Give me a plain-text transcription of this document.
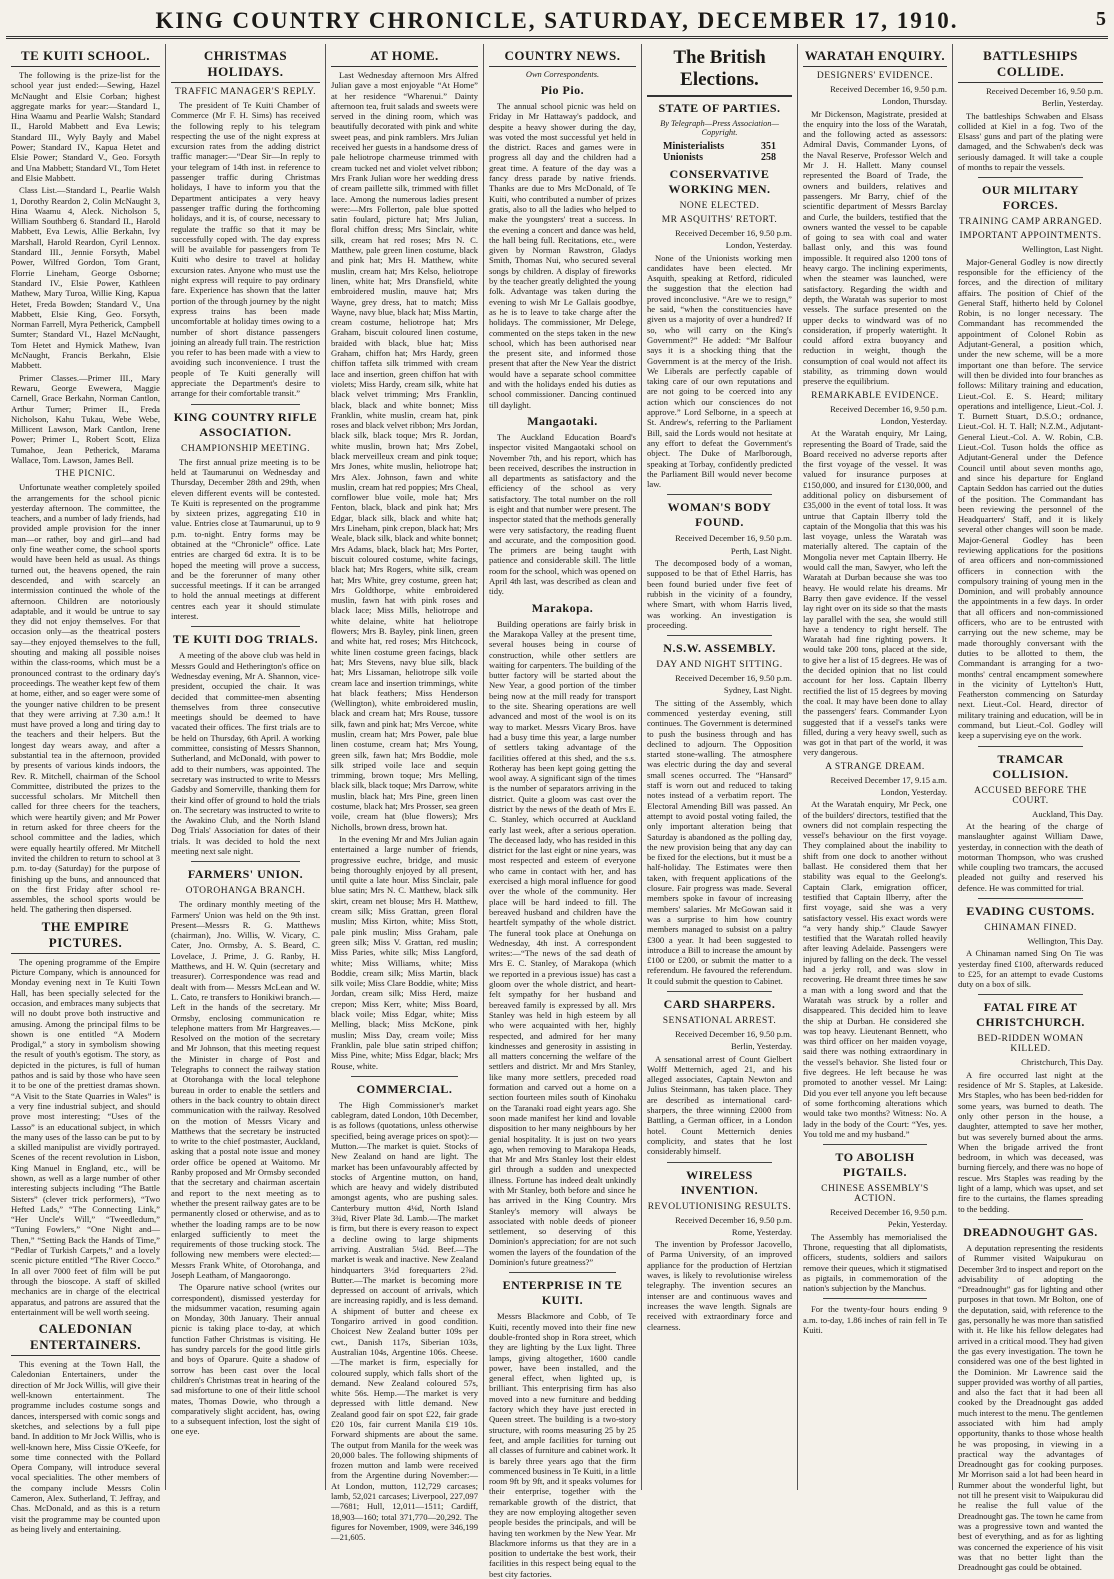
KING COUNTRY CHRONICLE, SATURDAY, DECEMBER 17, 1910.	5
TE KUITI SCHOOL.

The following is the prize-list for the school year just ended:—Sewing, Hazel McNaught and Elsie Corban; highest aggregate marks for year:—Standard I., Hina Waamu and Pearlie Walsh; Standard II., Harold Mabbett and Eva Lewis; Standard III., Wyly Bayly and Mabel Power; Standard IV., Kapua Hetet and Elsie Power; Standard V., Geo. Forsyth and Una Mabbett; Standard VI., Tom Hetet and Elsie Mabbett.

Class List.—Standard I., Pearlie Walsh 1, Dorothy Reardon 2, Colin McNaught 3, Hina Waamu 4, Aleck. Nicholson 5, William Southberg 6. Standard II., Harold Mabbett, Eva Lewis, Allie Berkahn, Ivy Marshall, Harold Reardon, Cyril Lennox. Standard III., Jennie Forsyth, Mabel Power, Wilfred Gordon, Tom Grant, Florrie Lineham, George Osborne; Standard IV., Elsie Power, Kathleen Mathew, Mary Turoa, Willie King, Kapua Hetet, Freda Bowden; Standard V., Una Mabbett, Elsie King, Geo. Forsyth, Norman Farrell, Myra Petherick, Campbell Sumter; Standard VI., Hazel McNaught, Tom Hetet and Hymick Mathew, Ivan McNaught, Francis Berkahn, Elsie Mabbett.

Primer Classes.—Primer III., Mary Rewaru, George Ewewera, Maggie Carnell, Grace Berkahn, Norman Cantlon, Arthur Turner; Primer II., Freda Nicholson, Kahu Tukau, Webe Webe, Millicent Lawson, Mark Cantlon, Irene Power; Primer I., Robert Scott, Eliza Tumahoe, Jean Petherick, Marama Wallace, Tom. Lawson, James Bell.

THE PICNIC.

Unfortunate weather completely spoiled the arrangements for the school picnic yesterday afternoon. The committee, the teachers, and a number of lady friends, had provided ample provision for the inner man—or rather, boy and girl—and had only fine weather come, the school sports would have been held as usual. As things turned out, the heavens opened, the rain descended, and with scarcely an intermission continued the whole of the afternoon. Children are notoriously adaptable, and it would be untrue to say they did not enjoy themselves. For that occasion only—as the theatrical posters say—they enjoyed themselves to the full, shouting and making all possible noises within the class-rooms, which must be a pronounced contrast to the ordinary day's proceedings. The weather kept few of them at home, either, and so eager were some of the younger native children to be present that they were arriving at 7.30 a.m.! It must have proved a long and tiring day to the teachers and their helpers. But the longest day wears away, and after a substantial tea in the afternoon, provided by presents of various kinds indoors, the Rev. R. Mitchell, chairman of the School Committee, distributed the prizes to the successful scholars. Mr Mitchell then called for three cheers for the teachers, which were heartily given; and Mr Power in return asked for three cheers for the school committee and the ladies, which were equally heartily offered. Mr Mitchell invited the children to return to school at 3 p.m. to-day (Saturday) for the purpose of finishing up the buns, and announced that on the first Friday after school re-assembles, the school sports would be held. The gathering then dispersed.

THE EMPIRE PICTURES.

The opening programme of the Empire Picture Company, which is announced for Monday evening next in Te Kuiti Town Hall, has been specially selected for the occasion, and embraces many subjects that will no doubt prove both instructive and amusing. Among the principal films to be shown is one entitled “A Modern Prodigal,” a story in symbolism showing the result of youth's egotism. The story, as depicted in the pictures, is full of human pathos and is said by those who have seen it to be one of the prettiest dramas shown. “A Visit to the State Quarries in Wales” is a very fine industrial subject, and should prove most interesting; “Uses of the Lasso” is an educational subject, in which the many uses of the lasso can be put to by a skilled manipulist are vividly portrayed. Scenes of the recent revolution in Lisbon, King Manuel in England, etc., will be shown, as well as a large number of other interesting subjects including “The Battle Sisters” (clever trick performers), “Two Hefted Lads,” “The Connecting Link,” “Her Uncle's Will,” “Tweedledum,” “Tuning Fowlers,” “One Night and—Then,” “Setting Back the Hands of Time,” “Pedlar of Turkish Carpets,” and a lovely scenic picture entitled “The River Cocco.” In all over 7000 feet of film will be put through the bioscope. A staff of skilled mechanics are in charge of the electrical apparatus, and patrons are assured that the entertainment will be well worth seeing.

CALEDONIAN ENTERTAINERS.

This evening at the Town Hall, the Caledonian Entertainers, under the direction of Mr Jock Willis, will give their well-known entertainment. The programme includes costume songs and dances, interspersed with comic songs and sketches, and selections by a full pipe band. In addition to Mr Jock Willis, who is well-known here, Miss Cissie O'Keefe, for some time connected with the Pollard Opera Company, will introduce several vocal specialities. The other members of the company include Messrs Colin Cameron, Alex. Sutherland, T. Jeffray, and Chas. McDonald, and as this is a return visit the programme may be counted upon as being lively and entertaining.

CHRISTMAS HOLIDAYS.
TRAFFIC MANAGER'S REPLY.

The president of Te Kuiti Chamber of Commerce (Mr F. H. Sims) has received the following reply to his telegram respecting the use of the night express at excursion rates from the adding district traffic manager:—“Dear Sir—In reply to your telegram of 14th inst. in reference to passenger traffic during Christmas holidays, I have to inform you that the Department anticipates a very heavy passenger traffic during the forthcoming holidays, and it is, of course, necessary to regulate the traffic so that it may be successfully coped with. The day express will be available for passengers from Te Kuiti who desire to travel at holiday excursion rates. Anyone who must use the night express will require to pay ordinary fare. Experience has shown that the latter portion of the through journey by the night express trains has been made uncomfortable at holiday times owing to a number of short distance passengers joining an already full train. The restriction you refer to has been made with a view to avoiding such inconvenience. I trust the people of Te Kuiti generally will appreciate the Department's desire to arrange for their comfortable transit.”

KING COUNTRY RIFLE ASSOCIATION.
CHAMPIONSHIP MEETING.

The first annual prize meeting is to be held at Taumarunui on Wednesday and Thursday, December 28th and 29th, when eleven different events will be contested. Te Kuiti is represented on the programme by sixteen prizes, aggregating £10 in value. Entries close at Taumarunui, up to 9 p.m. to-night. Entry forms may be obtained at the “Chronicle” office. Late entries are charged 6d extra. It is to be hoped the meeting will prove a success, and be the forerunner of many other successful meetings. If it can be arranged to hold the annual meetings at different centres each year it should stimulate interest.

TE KUITI DOG TRIALS.

A meeting of the above club was held in Messrs Gould and Hetherington's office on Wednesday evening, Mr A. Shannon, vice-president, occupied the chair. It was decided that committee-men absenting themselves from three consecutive meetings should be deemed to have vacated their offices. The first trials are to be held on Thursday, 6th April. A working committee, consisting of Messrs Shannon, Sutherland, and McDonald, with power to add to their numbers, was appointed. The secretary was instructed to write to Messrs Gadsby and Somerville, thanking them for their kind offer of ground to hold the trials on. The secretary was instructed to write to the Awakino Club, and the North Island Dog Trials' Association for dates of their trials. It was decided to hold the next meeting next sale night.

FARMERS' UNION.
OTOROHANGA BRANCH.

The ordinary monthly meeting of the Farmers' Union was held on the 9th inst. Present—Messrs R. G. Matthews (chairman), Jno. Willis, W. Vicary, C. Cater, Jno. Ormsby, A. S. Beard, C. Lovelace, J. Prime, J. G. Ranby, H. Matthews, and H. W. Quin (secretary and treasurer). Correspondence was read and dealt with from— Messrs McLean and W. L. Cato, re transfers to Honikiwi branch.—Left in the hands of the secretary. Mr Ormsby, enclosing communication re telephone matters from Mr Hargreaves.—Resolved on the motion of the secretary and Mr Johnson, that this meeting request the Minister in charge of Post and Telegraphs to connect the railway station at Otorohanga with the local telephone bureau in order to enable the settlers and others in the back country to obtain direct communication with the railway. Resolved on the motion of Messrs Vicary and Matthews that the secretary be instructed to write to the chief postmaster, Auckland, asking that a postal note issue and money order office be opened at Waitomo. Mr Ranby proposed and Mr Ormsby seconded that the secretary and chairman ascertain and report to the next meeting as to whether the present railway gates are to be permanently closed or otherwise, and as to whether the loading ramps are to be now enlarged sufficiently to meet the requirements of those trucking stock. The following new members were elected:—Messrs Frank White, of Otorohanga, and Joseph Leatham, of Mangaorongo.

The Oparure native school (writes our correspondent), dismissed yesterday for the midsummer vacation, resuming again on Monday, 30th January. Their annual picnic is taking place to-day, at which function Father Christmas is visiting. He has sundry parcels for the good little girls and boys of Oparure. Quite a shadow of sorrow has been cast over the local children's Christmas treat in hearing of the sad misfortune to one of their little school mates, Thomas Dowie, who through a comparatively slight accident, has, owing to a subsequent infection, lost the sight of one eye.

AT HOME.

Last Wednesday afternoon Mrs Alfred Julian gave a most enjoyable “At Home” at her residence “Wharenui.” Dainty afternoon tea, fruit salads and sweets were served in the dining room, which was beautifully decorated with pink and white sweet peas, and pink ramblers. Mrs Julian received her guests in a handsome dress of pale heliotrope charmeuse trimmed with cream tucked net and violet velvet ribbon; Mrs Frank Julian wore her wedding dress of cream paillette silk, trimmed with fillet lace. Among the numerous ladies present were:—Mrs Follerton, pale blue spotted satin foulard, picture hat; Mrs Julian, floral chiffon dress; Mrs Sinclair, white silk, cream hat red roses; Mrs N. C. Matthew, pale green linen costume, black and pink hat; Mrs H. Matthew, white muslin, cream hat; Mrs Kelso, heliotrope linen, white hat; Mrs Dransfield, white embroidered muslin, mauve hat; Mrs Wayne, grey dress, hat to match; Miss Wayne, navy blue, black hat; Miss Martin, cream costume, heliotrope hat; Mrs Graham, biscuit coloured linen costume, braided with black, blue hat; Miss Graham, chiffon hat; Mrs Hardy, green chiffon taffeta silk trimmed with cream lace and insertion, green chiffon hat with violets; Miss Hardy, cream silk, white hat black velvet trimming; Mrs Franklin, black, black and white bonnet; Miss Franklin, white muslin, cream hat, pink roses and black velvet ribbon; Mrs Jordan, black silk, black toque; Mrs R. Jordan, white muslin, brown hat; Mrs Zobel, black merveilleux cream and pink toque; Mrs Jones, white muslin, heliotrope hat; Mrs Alex. Johnson, fawn and white muslin, cream hat red poppies; Mrs Cheal, cornflower blue voile, mole hat; Mrs Fenton, black, black and pink hat; Mrs Edgar, black silk, black and white hat; Mrs Lineham, pink crepon, black hat; Mrs Weale, black silk, black and white bonnet; Mrs Adams, black, black hat; Mrs Porter, biscuit coloured costume, white facings, black hat; Mrs Rogers, white silk, cream hat; Mrs White, grey costume, green hat; Mrs Goldthorpe, white embroidered muslin, fawn hat with pink roses and black lace; Miss Mills, heliotrope and white delaine, white hat heliotrope flowers; Mrs B. Bayley, pink linen, green and white hat, red roses; Mrs Hitchcock, white linen costume green facings, black hat; Mrs Stevens, navy blue silk, black hat; Mrs Lissaman, heliotrope silk voile cream lace and insertion trimmings, white hat black feathers; Miss Henderson (Wellington), white embroidered muslin, black and cream hat; Mrs Rouse, tussore silk, fawn and pink hat; Mrs Vercoe, white muslin, cream hat; Mrs Power, pale blue linen costume, cream hat; Mrs Young, green silk, fawn hat; Mrs Boddie, mole silk striped voile lace and sequin trimming, brown toque; Mrs Melling, black silk, black toque; Mrs Darrow, white muslin, black hat; Mrs Pine, green linen costume, black hat; Mrs Prosser, sea green voile, cream hat (blue flowers); Mrs Nicholls, brown dress, brown hat.

In the evening Mr and Mrs Julian again entertained a large number of friends, progressive euchre, bridge, and music being thoroughly enjoyed by all present, until quite a late hour. Miss Sinclair, pale blue satin; Mrs N. C. Matthew, black silk skirt, cream net blouse; Mrs H. Matthew, cream silk; Miss Grattan, green floral muslin; Miss Kirton, white; Miss Stott, pale pink muslin; Miss Graham, pale green silk; Miss V. Grattan, red muslin; Miss Paries, white silk; Miss Langford, white; Miss Williams, white; Miss Boddie, cream silk; Miss Martin, black silk voile; Miss Clare Boddie, white; Miss Jordan, cream silk; Miss Herd, maize crepon; Miss Kerr, white; Miss Board, black voile; Miss Edgar, white; Miss Melling, black; Miss McKone, pink muslin; Miss Day, cream voile; Miss Franklin, pale blue satin striped chiffon; Miss Pine, white; Miss Edgar, black; Mrs Rouse, white.

COMMERCIAL.

The High Commissioner's market cablegram, dated London, 10th December, is as follows (quotations, unless otherwise specified, being average prices on spot):— Mutton.—The market is quiet. Stocks of New Zealand on hand are light. The market has been unfavourably affected by stocks of Argentine mutton, on hand, which are heavy and widely distributed amongst agents, who are pushing sales. Canterbury mutton 4⅛d, North Island 3¾d, River Plate 3d. Lamb.—The market is firm, but there is every reason to expect a decline owing to large shipments arriving. Australian 5¼d. Beef.—The market is weak and inactive. New Zealand hindquarters 3½d forequarters 2⅞d. Butter.—The market is becoming more depressed on account of arrivals, which are increasing rapidly, and is less demand. A shipment of butter and cheese ex Tongariro arrived in good condition. Choicest New Zealand butter 109s per cwt., Danish 117s, Siberian 103s, Australian 104s, Argentine 106s. Cheese.—The market is firm, especially for coloured supply, which falls short of the demand. New Zealand coloured 57s, white 56s. Hemp.—The market is very depressed with little demand. New Zealand good fair on spot £22, fair grade £20 10s, fair current Manila £19 10s. Forward shipments are about the same. The output from Manila for the week was 20,000 bales. The following shipments of frozen mutton and lamb were received from the Argentine during November:—At London, mutton, 112,729 carcases; lamb, 52,021 carcases; Liverpool, 227,097—7681; Hull, 12,011—1511; Cardiff, 18,903—160; total 371,770—20,292. The figures for November, 1909, were 346,199—21,605.

COUNTRY NEWS.
Own Correspondents.
Pio Pio.

The annual school picnic was held on Friday in Mr Hattaway's paddock, and despite a heavy shower during the day, was voted the most successful yet held in the district. Races and games were in progress all day and the children had a great time. A feature of the day was a fancy dress parade by native friends. Thanks are due to Mrs McDonald, of Te Kuiti, who contributed a number of prizes gratis, also to all the ladies who helped to make the youngsters' treat a success. In the evening a concert and dance was held, the hall being full. Recitations, etc., were given by Norman Rawstron, Gladys Smith, Thomas Nui, who secured several songs by children. A display of fireworks by the teacher greatly delighted the young folk. Advantage was taken during the evening to wish Mr Le Gallais goodbye, as he is to leave to take charge after the holidays. The commissioner, Mr Delege, commented on the steps taken in the new school, which has been authorised near the present site, and informed those present that after the New Year the district would have a separate school committee and with the holidays ended his duties as school commissioner. Dancing continued till daylight.

Mangaotaki.

The Auckland Education Board's inspector visited Mangaotaki school on November 7th, and his report, which has been received, describes the instruction in all departments as satisfactory and the efficiency of the school as very satisfactory. The total number on the roll is eight and that number were present. The inspector stated that the methods generally were very satisfactory, the reading fluent and accurate, and the composition good. The primers are being taught with patience and considerable skill. The little room for the school, which was opened on April 4th last, was described as clean and tidy.

Marakopa.

Building operations are fairly brisk in the Marakopa Valley at the present time, several houses being in course of construction, while other settlers are waiting for carpenters. The building of the butter factory will be started about the New Year, a good portion of the timber being now at the mill ready for transport to the site. Shearing operations are well advanced and most of the wool is on its way to market. Messrs Vicary Bros. have had a busy time this year, a large number of settlers taking advantage of the facilities offered at this shed, and the s.s. Rotheray has been kept going getting the wool away. A significant sign of the times is the number of separators arriving in the district. Quite a gloom was cast over the district by the news of the death of Mrs E. C. Stanley, which occurred at Auckland early last week, after a serious operation. The deceased lady, who has resided in this district for the last eight or nine years, was most respected and esteem of everyone who came in contact with her, and has exercised a high moral influence for good over the whole of the community. Her place will be hard indeed to fill. The bereaved husband and children have the heartfelt sympathy of the whole district. The funeral took place at Onehunga on Wednesday, 4th inst. A correspondent writes:—“The news of the sad death of Mrs E. C. Stanley, of Marakopa (which we reported in a previous issue) has cast a gloom over the whole district, and heart-felt sympathy for her husband and bereaved family is expressed by all. Mrs Stanley was held in high esteem by all who were acquainted with her, highly respected, and admired for her many kindnesses and generosity in assisting in all matters concerning the welfare of the settlers and district. Mr and Mrs Stanley, like many more settlers, preceded road formation and carved out a home on a section fourteen miles south of Kinohaku on the Taranaki road eight years ago. She soon made manifest her kind and lovable disposition to her many neighbours by her genial hospitality. It is just on two years ago, when removing to Marakopa Heads, that Mr and Mrs Stanley lost their eldest girl through a sudden and unexpected illness. Fortune has indeed dealt unkindly with Mr Stanley, both before and since he has arrived in the King Country. Mrs Stanley's memory will always be associated with noble deeds of pioneer settlement, so deserving of this Dominion's appreciation; for are not such women the layers of the foundation of the Dominion's future greatness?”

ENTERPRISE IN TE KUITI.

Messrs Blackmore and Cobb, of Te Kuiti, recently moved into their fine new double-fronted shop in Rora street, which they are lighting by the Lux light. Three lamps, giving altogether, 1600 candle power, have been installed, and the general effect, when lighted up, is brilliant. This enterprising firm has also moved into a new furniture and bedding factory which they have just erected in Queen street. The building is a two-story structure, with rooms measuring 25 by 25 feet, and ample facilities for turning out all classes of furniture and cabinet work. It is barely three years ago that the firm commenced business in Te Kuiti, in a little room 9ft by 9ft, and it speaks volumes for their enterprise, together with the remarkable growth of the district, that they are now employing altogether seven people besides the principals, and will be having ten workmen by the New Year. Mr Blackmore informs us that they are in a position to undertake the best work, their facilities in this respect being equal to the best city factories.

The British Elections.
STATE OF PARTIES.
By Telegraph—Press Association—Copyright.
Ministerialists	351
Unionists	258
CONSERVATIVE WORKING MEN.
NONE ELECTED.
MR ASQUITHS' RETORT.
Received December 16, 9.50 p.m.
London, Yesterday.

None of the Unionists working men candidates have been elected. Mr Asquith, speaking at Retford, ridiculed the suggestion that the election had proved inconclusive. “Are we to resign,” he said, “when the constituencies have given us a majority of over a hundred? If so, who will carry on the King's Government?” He added: “Mr Balfour says it is a shocking thing that the Government is at the mercy of the Irish. We Liberals are perfectly capable of taking care of our own reputations and are not going to be coerced into any action which our consciences do not approve.” Lord Selborne, in a speech at St. Andrew's, referring to the Parliament Bill, said the Lords would not hesitate at any effort to defeat the Government's object. The Duke of Marlborough, speaking at Torbay, confidently predicted the Parliament Bill would never become law.

WOMAN'S BODY FOUND.
Received December 16, 9.50 p.m.
Perth, Last Night.

The decomposed body of a woman, supposed to be that of Ethel Harris, has been found buried under five feet of rubbish in the vicinity of a foundry, where Smart, with whom Harris lived, was working. An investigation is proceeding.

N.S.W. ASSEMBLY.
DAY AND NIGHT SITTING.
Received December 16, 9.50 p.m.
Sydney, Last Night.

The sitting of the Assembly, which commenced yesterday evening, still continues. The Government is determined to push the business through and has declined to adjourn. The Opposition started stone-walling. The atmosphere was electric during the day and several small scenes occurred. The “Hansard” staff is worn out and reduced to taking notes instead of a verbatim report. The Electoral Amending Bill was passed. An attempt to avoid postal voting failed, the only important alteration being that Saturday is abandoned as the polling day, the new provision being that any day can be fixed for the elections, but it must be a half-holiday. The Estimates were then taken, with frequent applications of the closure. Fair progress was made. Several members spoke in favour of increasing members' salaries. Mr McGowan said it was a surprise to him how country members managed to subsist on a paltry £300 a year. It had been suggested to introduce a Bill to increase the amount by £100 or £200, or submit the matter to a referendum. He favoured the referendum. It could submit the question to Cabinet.

CARD SHARPERS.
SENSATIONAL ARREST.
Received December 16, 9.50 p.m.
Berlin, Yesterday.

A sensational arrest of Count Gielbert Wolff Metternich, aged 21, and his alleged associates, Captain Newton and Julius Steinmann, has taken place. They are described as international card-sharpers, the three winning £2000 from Battling, a German officer, in a London hotel. Count Metternich denies complicity, and states that he lost considerably himself.

WIRELESS INVENTION.
REVOLUTIONISING RESULTS.
Received December 16, 9.50 p.m.
Rome, Yesterday.

The invention by Professor Jacovello, of Parma University, of an improved appliance for the production of Hertzian waves, is likely to revolutionise wireless telegraphy. The invention secures an intenser are and continuous waves and increases the wave length. Signals are received with extraordinary force and clearness.

WARATAH ENQUIRY.
DESIGNERS' EVIDENCE.
Received December 16, 9.50 p.m.
London, Thursday.

Mr Dickenson, Magistrate, presided at the enquiry into the loss of the Waratah, and the following acted as assessors: Admiral Davis, Commander Lyons, of the Naval Reserve, Professor Welch and Mr J. H. Hallett. Many counsel represented the Board of Trade, the owners and builders, relatives and passengers. Mr Barry, chief of the scientific department of Messrs Barclay and Curle, the builders, testified that the owners wanted the vessel to be capable of going to sea with coal and water ballast only, and this was found impossible. It required also 1200 tons of heavy cargo. The inclining experiments, when the steamer was launched, were satisfactory. Regarding the width and depth, the Waratah was superior to most vessels. The surface presented on the upper decks to windward was of no consideration, if properly watertight. It could afford extra buoyancy and reduction in weight, though the consumption of coal would not affect its stability, as trimming down would preserve the equilibrium.

REMARKABLE EVIDENCE.
Received December 16, 9.50 p.m.
London, Yesterday.

At the Waratah enquiry, Mr Laing, representing the Board of Trade, said the Board received no adverse reports after the first voyage of the vessel. It was valued for insurance purposes at £150,000, and insured for £130,000, and additional policy on disbursement of £35,000 in the event of total loss. It was untrue that Captain Ilberry told the captain of the Mongolia that this was his last voyage, unless the Waratah was materially altered. The captain of the Mongolia never met Captain Ilberry. He would call the man, Sawyer, who left the Waratah at Durban because she was too heavy. He would relate his dreams. Mr Barry then gave evidence. If the vessel lay right over on its side so that the masts lay parallel with the sea, she would still have a tendency to right herself. The Waratah had fine righting powers. It would take 200 tons, placed at the side, to give her a list of 15 degrees. He was of the decided opinion that no list could account for her loss. Captain Ilberry rectified the list of 15 degrees by moving the coal. It may have been done to allay the passengers' fears. Commander Lyon suggested that if a vessel's tanks were filled, during a very heavy swell, such as was got in that part of the world, it was very dangerous.

A STRANGE DREAM.
Received December 17, 9.15 a.m.
London, Yesterday.

At the Waratah enquiry, Mr Peck, one of the builders' directors, testified that the owners did not complain respecting the vessel's behaviour on the first voyage. They complained about the inability to shift from one dock to another without ballast. He considered them that her stability was equal to the Geelong's. Captain Clark, emigration officer, testified that Captain Ilberry, after the first voyage, said she was a very satisfactory vessel. His exact words were “a very handy ship.” Claude Sawyer testified that the Waratah rolled heavily after leaving Adelaide. Passengers were injured by falling on the deck. The vessel had a jerky roll, and was slow in recovering. He dreamt three times he saw a man with a long sword and that the Waratah was struck by a roller and disappeared. This decided him to leave the ship at Durban. He considered she was top heavy. Lieutenant Bennett, who was third officer on her maiden voyage, said there was nothing extraordinary in the vessel's behavior. She listed four or five degrees. He left because he was promoted to another vessel. Mr Laing: Did you ever tell anyone you left because of some forthcoming alterations which would take two months? Witness: No. A lady in the body of the Court: “Yes, yes. You told me and my husband.”

TO ABOLISH PIGTAILS.
CHINESE ASSEMBLY'S ACTION.
Received December 16, 9.50 p.m.
Pekin, Yesterday.

The Assembly has memorialised the Throne, requesting that all diplomatists, officers, students, soldiers and sailors remove their queues, which it stigmatised as pigtails, in commemoration of the nation's subjection by the Manchus.

For the twenty-four hours ending 9 a.m. to-day, 1.86 inches of rain fell in Te Kuiti.

BATTLESHIPS COLLIDE.
Received December 16, 9.50 p.m.
Berlin, Yesterday.

The battleships Schwaben and Elsass collided at Kiel in a fog. Two of the Elsass' guns and part of the plating were damaged, and the Schwaben's deck was seriously damaged. It will take a couple of months to repair the vessels.

OUR MILITARY FORCES.
TRAINING CAMP ARRANGED.
IMPORTANT APPOINTMENTS.
Wellington, Last Night.

Major-General Godley is now directly responsible for the efficiency of the forces, and the direction of military affairs. The position of Chief of the General Staff, hitherto held by Colonel Robin, is no longer necessary. The Commandant has recommended the appointment of Colonel Robin as Adjutant-General, a position which, under the new scheme, will be a more important one than before. The service will then be divided into four branches as follows: Military training and education, Lieut.-Col. E. S. Heard; military operations and intelligence, Lieut.-Col. J. T. Burnett Stuart, D.S.O.; ordnance, Lieut.-Col. H. T. Hall; N.Z.M., Adjutant-General Lieut.-Col. A. W. Robin, C.B. Lieut.-Col. Tuson holds the office as Adjutant-General under the Defence Council until about seven months ago, and since his departure for England Captain Seddon has carried out the duties of the position. The Commandant has been reviewing the personnel of the Headquarters' Staff, and it is likely several other changes will soon be made. Major-General Godley has been reviewing applications for the positions of area officers and non-commissioned officers in connection with the compulsory training of young men in the Dominion, and will probably announce the appointments in a few days. In order that all officers and non-commissioned officers, who are to be entrusted with carrying out the new scheme, may be made thoroughly conversant with the duties to be allotted to them, the Commandant is arranging for a two-months' central encampment somewhere in the vicinity of Lyttelton's Hutt, Featherston commencing on Saturday next. Lieut.-Col. Heard, director of military training and education, will be in command, but Lieut.-Col. Godley will keep a supervising eye on the work.

TRAMCAR COLLISION.
ACCUSED BEFORE THE COURT.
Auckland, This Day.

At the hearing of the charge of manslaughter against William Dawe, yesterday, in connection with the death of motorman Thompson, who was crushed while coupling two tramcars, the accused pleaded not guilty and reserved his defence. He was committed for trial.

EVADING CUSTOMS.
CHINAMAN FINED.
Wellington, This Day.

A Chinaman named Sing On Tie was yesterday fined £100, afterwards reduced to £25, for an attempt to evade Customs duty on a box of silk.

FATAL FIRE AT CHRISTCHURCH.
BED-RIDDEN WOMAN KILLED.
Christchurch, This Day.

A fire occurred last night at the residence of Mr S. Staples, at Lakeside. Mrs Staples, who has been bed-ridden for some years, was burned to death. The only other person in the house, a daughter, attempted to save her mother, but was severely burned about the arms. When the brigade arrived the front bedroom, in which was deceased, was burning fiercely, and there was no hope of rescue. Mrs Staples was reading by the light of a lamp, which was upset, and set fire to the curtains, the flames spreading to the bedding.

DREADNOUGHT GAS.

A deputation representing the residents of Rummer visited Waipukurau on December 3rd to inspect and report on the advisability of adopting the “Dreadnought” gas for lighting and other purposes in that town. Mr Bolton, one of the deputation, said, with reference to the gas, personally he was more than satisfied with it. He like his fellow delegates had arrived in a critical mood. They had given the gas every investigation. The town he considered was one of the best lighted in the Dominion. Mr Lawrence said the supper provided was worthy of all parties, and also the fact that it had been all cooked by the Dreadnought gas added much interest to the menu. The gentlemen associated with him had amply opportunity, thanks to those whose health he was proposing, in viewing in a practical way the advantages of Dreadnought gas for cooking purposes. Mr Morrison said a lot had been heard in Rummer about the wonderful light, but not till he present visit to Waipukurau did he realise the full value of the Dreadnought gas. The town he came from was a progressive town and wanted the best of everything, and as for as lighting was concerned the experience of his visit was that no better light than the Dreadnought gas could be obtained.
